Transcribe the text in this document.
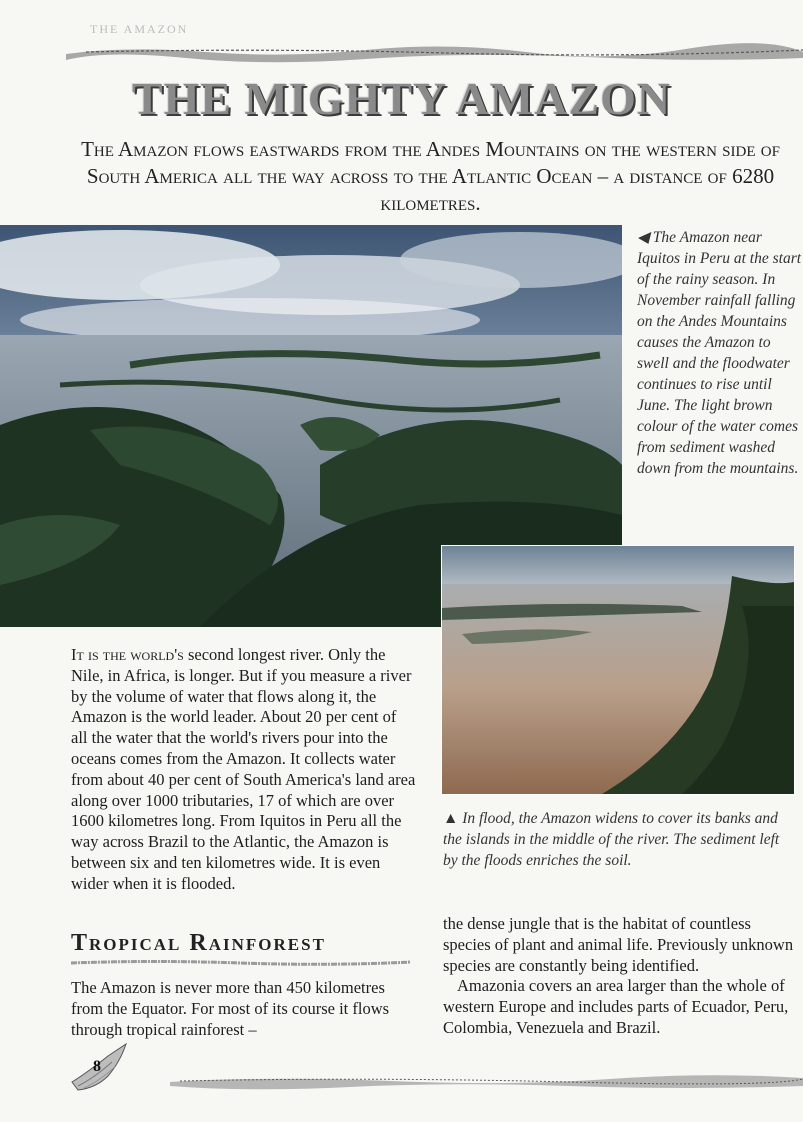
THE AMAZON
THE MIGHTY AMAZON
The Amazon flows eastwards from the Andes Mountains on the western side of South America all the way across to the Atlantic Ocean – a distance of 6280 kilometres.
◀ The Amazon near Iquitos in Peru at the start of the rainy season. In November rainfall falling on the Andes Mountains causes the Amazon to swell and the floodwater continues to rise until June. The light brown colour of the water comes from sediment washed down from the mountains.
▲ In flood, the Amazon widens to cover its banks and the islands in the middle of the river. The sediment left by the floods enriches the soil.
It is the world's second longest river. Only the Nile, in Africa, is longer. But if you measure a river by the volume of water that flows along it, the Amazon is the world leader. About 20 per cent of all the water that the world's rivers pour into the oceans comes from the Amazon. It collects water from about 40 per cent of South America's land area along over 1000 tributaries, 17 of which are over 1600 kilometres long. From Iquitos in Peru all the way across Brazil to the Atlantic, the Amazon is between six and ten kilometres wide. It is even wider when it is flooded.
Tropical Rainforest
The Amazon is never more than 450 kilometres from the Equator. For most of its course it flows through tropical rainforest –

the dense jungle that is the habitat of countless species of plant and animal life. Previously unknown species are constantly being identified.

Amazonia covers an area larger than the whole of western Europe and includes parts of Ecuador, Peru, Colombia, Venezuela and Brazil.

8
